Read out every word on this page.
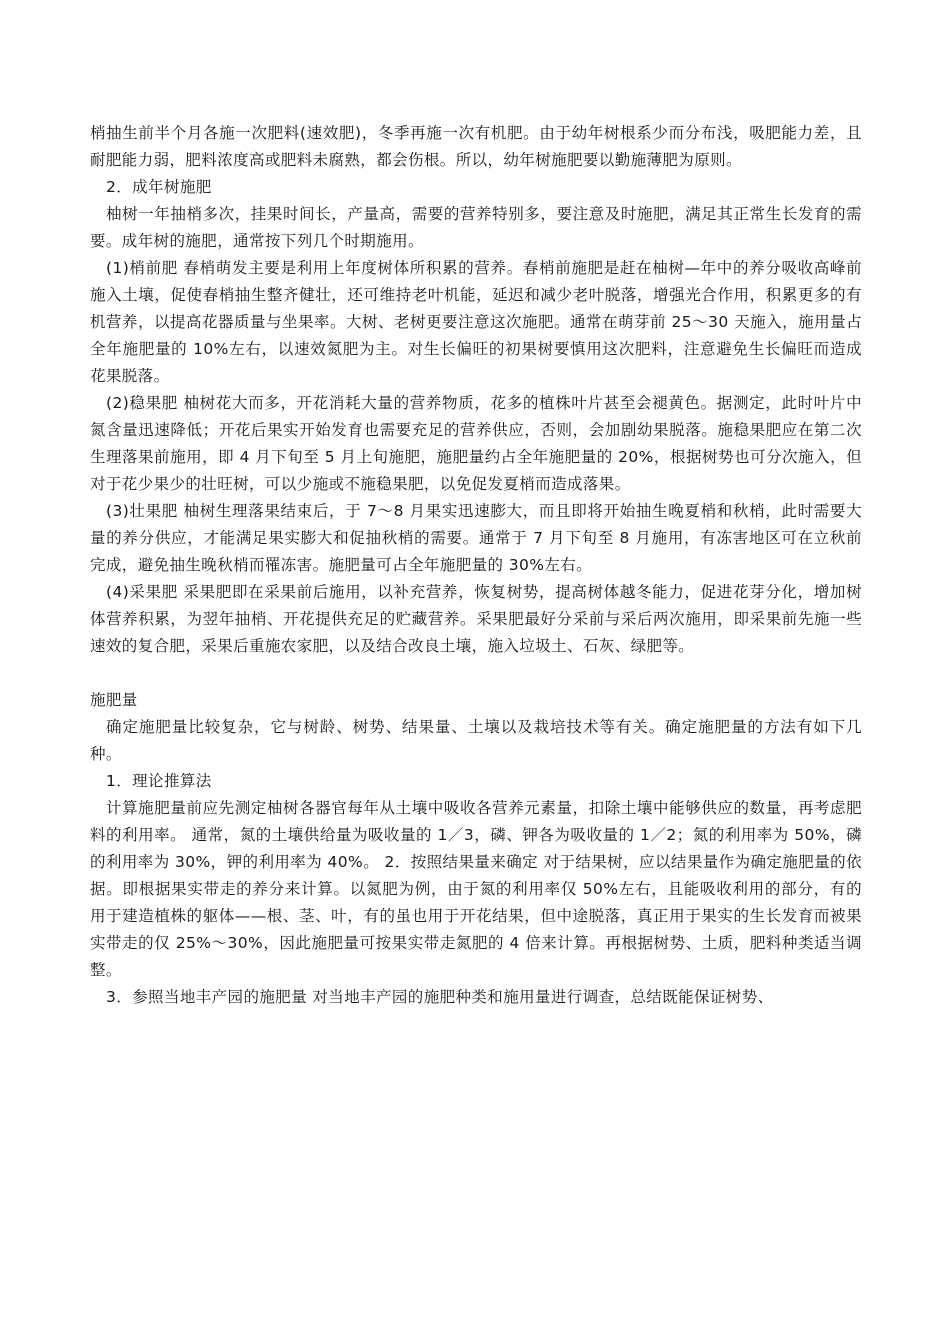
梢抽生前半个月各施一次肥料(速效肥)，冬季再施一次有机肥。由于幼年树根系少而分布浅，吸肥能力差，且耐肥能力弱，肥料浓度高或肥料未腐熟，都会伤根。所以，幼年树施肥要以勤施薄肥为原则。

2．成年树施肥

柚树一年抽梢多次，挂果时间长，产量高，需要的营养特别多，要注意及时施肥，满足其正常生长发育的需要。成年树的施肥，通常按下列几个时期施用。

(1)梢前肥 春梢萌发主要是利用上年度树体所积累的营养。春梢前施肥是赶在柚树—年中的养分吸收高峰前施入土壤，促使春梢抽生整齐健壮，还可维持老叶机能，延迟和减少老叶脱落，增强光合作用，积累更多的有机营养，以提高花器质量与坐果率。大树、老树更要注意这次施肥。通常在萌芽前 25～30 天施入，施用量占全年施肥量的 10%左右，以速效氮肥为主。对生长偏旺的初果树要慎用这次肥料，注意避免生长偏旺而造成花果脱落。

(2)稳果肥 柚树花大而多，开花消耗大量的营养物质，花多的植株叶片甚至会褪黄色。据测定，此时叶片中氮含量迅速降低；开花后果实开始发育也需要充足的营养供应，否则，会加剧幼果脱落。施稳果肥应在第二次生理落果前施用，即 4 月下旬至 5 月上旬施肥，施肥量约占全年施肥量的 20%，根据树势也可分次施入，但对于花少果少的壮旺树，可以少施或不施稳果肥，以免促发夏梢而造成落果。

(3)壮果肥 柚树生理落果结束后，于 7～8 月果实迅速膨大，而且即将开始抽生晚夏梢和秋梢，此时需要大量的养分供应，才能满足果实膨大和促抽秋梢的需要。通常于 7 月下旬至 8 月施用，有冻害地区可在立秋前完成，避免抽生晚秋梢而罹冻害。施肥量可占全年施肥量的 30%左右。

(4)采果肥 采果肥即在采果前后施用，以补充营养，恢复树势，提高树体越冬能力，促进花芽分化，增加树体营养积累，为翌年抽梢、开花提供充足的贮藏营养。采果肥最好分采前与采后两次施用，即采果前先施一些速效的复合肥，采果后重施农家肥，以及结合改良土壤，施入垃圾土、石灰、绿肥等。

施肥量

确定施肥量比较复杂，它与树龄、树势、结果量、土壤以及栽培技术等有关。确定施肥量的方法有如下几种。

1．理论推算法

计算施肥量前应先测定柚树各器官每年从土壤中吸收各营养元素量，扣除土壤中能够供应的数量，再考虑肥料的利用率。 通常，氮的土壤供给量为吸收量的 1／3，磷、钾各为吸收量的 1／2；氮的利用率为 50%，磷的利用率为 30%，钾的利用率为 40%。 2．按照结果量来确定 对于结果树，应以结果量作为确定施肥量的依据。即根据果实带走的养分来计算。以氮肥为例，由于氮的利用率仅 50%左右，且能吸收利用的部分，有的用于建造植株的躯体——根、茎、叶，有的虽也用于开花结果，但中途脱落，真正用于果实的生长发育而被果实带走的仅 25%～30%，因此施肥量可按果实带走氮肥的 4 倍来计算。再根据树势、土质，肥料种类适当调整。

3．参照当地丰产园的施肥量 对当地丰产园的施肥种类和施用量进行调查，总结既能保证树势、
